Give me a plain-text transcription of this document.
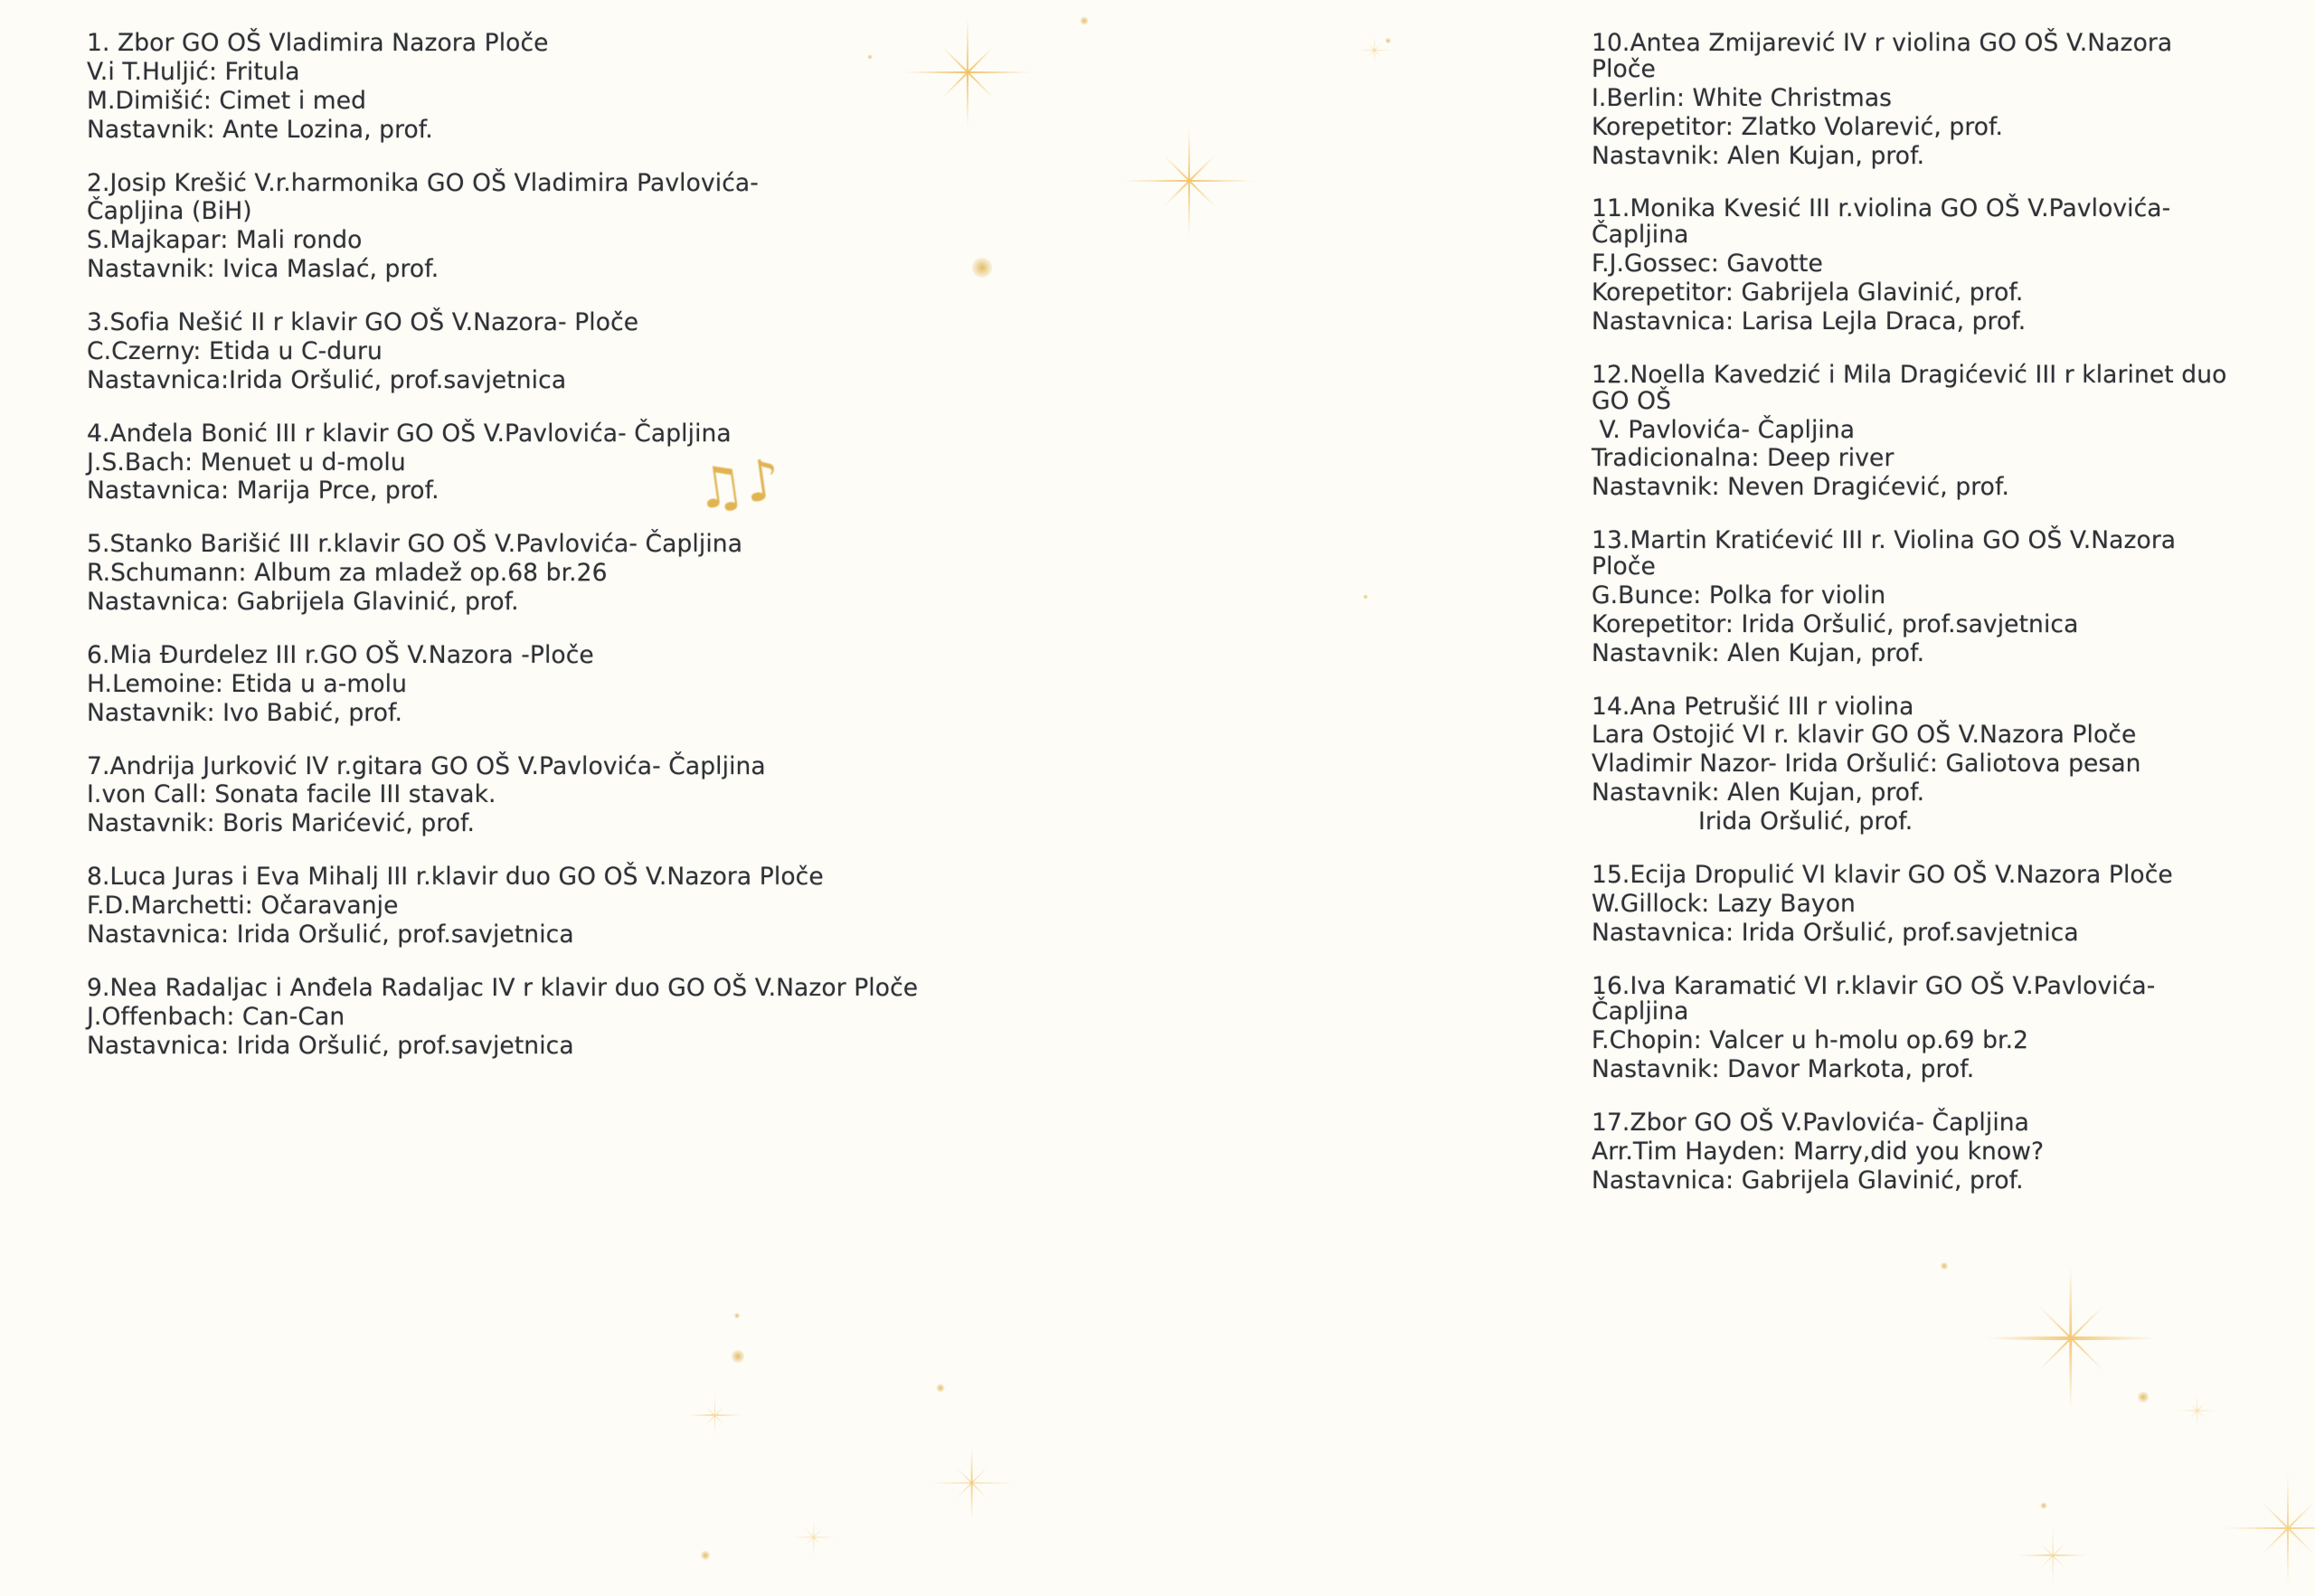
1. Zbor GO OŠ Vladimira Nazora Ploče

V.i T.Huljić: Fritula

M.Dimišić: Cimet i med

Nastavnik: Ante Lozina, prof.

2.Josip Krešić V.r.harmonika GO OŠ Vladimira Pavlovića-

Čapljina (BiH)

S.Majkapar: Mali rondo

Nastavnik: Ivica Maslać, prof.

3.Sofia Nešić II r klavir GO OŠ V.Nazora- Ploče

C.Czerny: Etida u C-duru

Nastavnica:Irida Oršulić, prof.savjetnica

4.Anđela Bonić III r klavir GO OŠ V.Pavlovića- Čapljina

J.S.Bach: Menuet u d-molu

Nastavnica: Marija Prce, prof.

5.Stanko Barišić III r.klavir GO OŠ V.Pavlovića- Čapljina

R.Schumann: Album za mladež op.68 br.26

Nastavnica: Gabrijela Glavinić, prof.

6.Mia Đurdelez III r.GO OŠ V.Nazora -Ploče

H.Lemoine: Etida u a-molu

Nastavnik: Ivo Babić, prof.

7.Andrija Jurković IV r.gitara GO OŠ V.Pavlovića- Čapljina

I.von Call: Sonata facile III stavak.

Nastavnik: Boris Marićević, prof.

8.Luca Juras i Eva Mihalj III r.klavir duo GO OŠ V.Nazora Ploče

F.D.Marchetti: Očaravanje

Nastavnica: Irida Oršulić, prof.savjetnica

9.Nea Radaljac i Anđela Radaljac IV r klavir duo GO OŠ V.Nazor Ploče

J.Offenbach: Can-Can

Nastavnica: Irida Oršulić, prof.savjetnica

10.Antea Zmijarević IV r violina GO OŠ V.Nazora Ploče

I.Berlin: White Christmas

Korepetitor: Zlatko Volarević, prof.

Nastavnik: Alen Kujan, prof.

11.Monika Kvesić III r.violina GO OŠ V.Pavlovića- Čapljina

F.J.Gossec: Gavotte

Korepetitor: Gabrijela Glavinić, prof.

Nastavnica: Larisa Lejla Draca, prof.

12.Noella Kavedzić i Mila Dragićević III r klarinet duo GO OŠ

V. Pavlovića- Čapljina

Tradicionalna: Deep river

Nastavnik: Neven Dragićević, prof.

13.Martin Kratićević III r. Violina GO OŠ V.Nazora Ploče

G.Bunce: Polka for violin

Korepetitor: Irida Oršulić, prof.savjetnica

Nastavnik: Alen Kujan, prof.

14.Ana Petrušić III r violina

Lara Ostojić VI r. klavir GO OŠ V.Nazora Ploče

Vladimir Nazor- Irida Oršulić: Galiotova pesan

Nastavnik: Alen Kujan, prof.

Irida Oršulić, prof.

15.Ecija Dropulić VI klavir GO OŠ V.Nazora Ploče

W.Gillock: Lazy Bayon

Nastavnica: Irida Oršulić, prof.savjetnica

16.Iva Karamatić VI r.klavir GO OŠ V.Pavlovića- Čapljina

F.Chopin: Valcer u h-molu op.69 br.2

Nastavnik: Davor Markota, prof.

17.Zbor GO OŠ V.Pavlovića- Čapljina

Arr.Tim Hayden: Marry,did you know?

Nastavnica: Gabrijela Glavinić, prof.

♫♪
